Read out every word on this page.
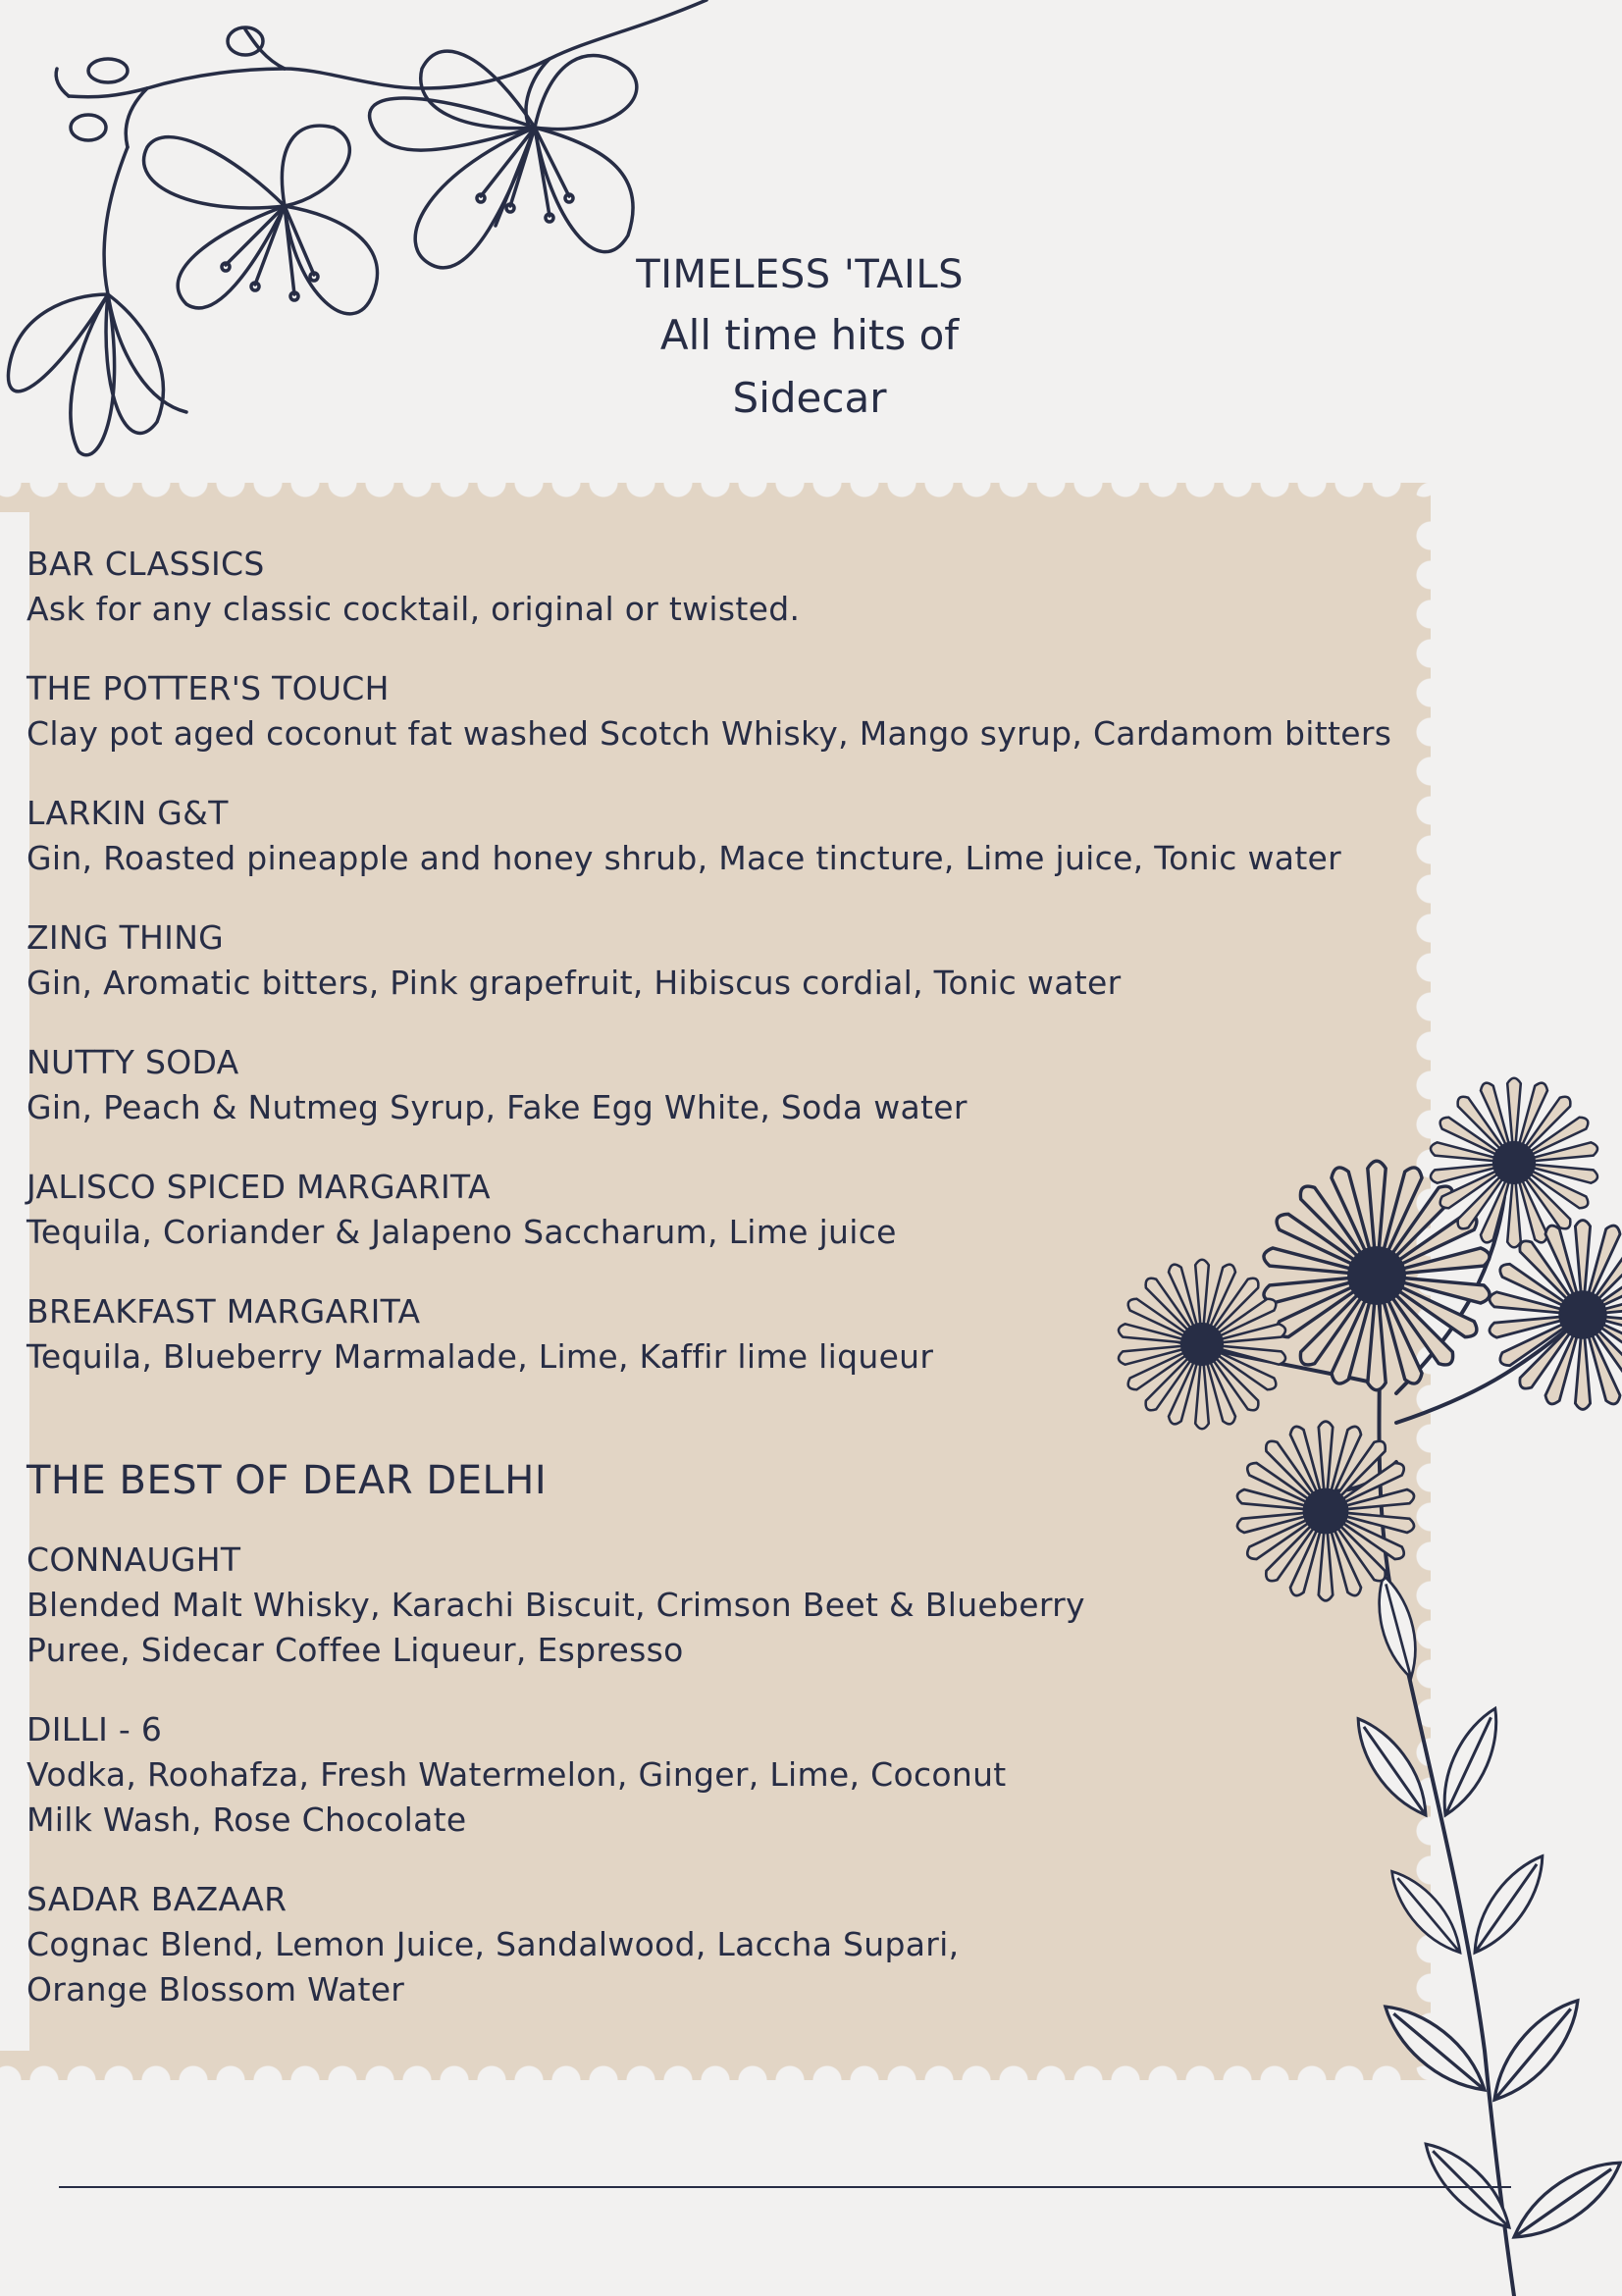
TIMELESS 'TAILS
All time hits of Sidecar
BAR CLASSICS
Ask for any classic cocktail, original or twisted.
THE POTTER'S TOUCH
Clay pot aged coconut fat washed Scotch Whisky, Mango syrup, Cardamom bitters
LARKIN G&T
Gin, Roasted pineapple and honey shrub, Mace tincture, Lime juice, Tonic water
ZING THING
Gin, Aromatic bitters, Pink grapefruit, Hibiscus cordial, Tonic water
NUTTY SODA
Gin, Peach & Nutmeg Syrup, Fake Egg White, Soda water
JALISCO SPICED MARGARITA
Tequila, Coriander & Jalapeno Saccharum, Lime juice
BREAKFAST MARGARITA
Tequila, Blueberry Marmalade, Lime, Kaffir lime liqueur
THE BEST OF DEAR DELHI
CONNAUGHT
Blended Malt Whisky, Karachi Biscuit, Crimson Beet & Blueberry
Puree, Sidecar Coffee Liqueur, Espresso
DILLI - 6
Vodka, Roohafza, Fresh Watermelon, Ginger, Lime, Coconut
Milk Wash, Rose Chocolate
SADAR BAZAAR
Cognac Blend, Lemon Juice, Sandalwood, Laccha Supari,
Orange Blossom Water
